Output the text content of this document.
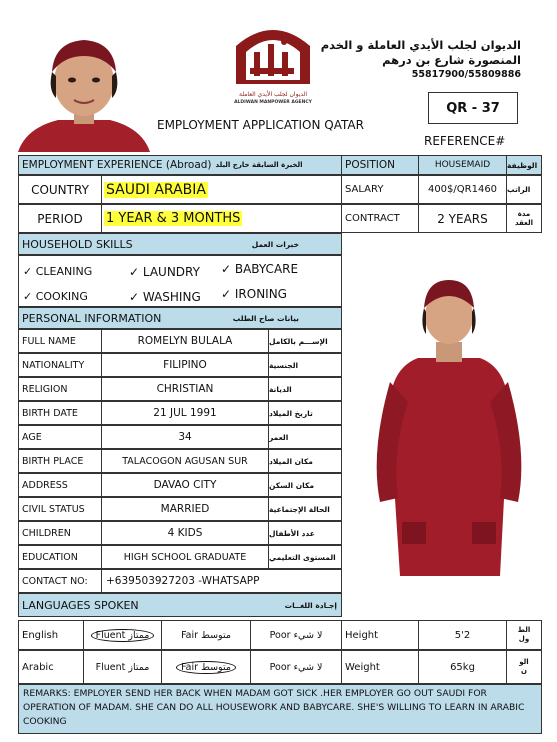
الديوان لجلب الأيدي العاملة
ALDIWAN MANPOWER AGENCY
الديوان لجلب الأيدي العاملة و الخدم
المنصورة شارع بن درهم
55817900/55809886
EMPLOYMENT APPLICATION QATAR
QR - 37
REFERENCE#
EMPLOYMENT EXPERIENCE (Abroad) الخبرة السابقة خارج البلد
COUNTRY SAUDI ARABIA
PERIOD 1 YEAR & 3 MONTHS
POSITION	HOUSEMAID	الوظيفة
SALARY	400$/QR1460	الراتب
CONTRACT	2 YEARS	مدة
العقد
HOUSEHOLD SKILLS	خبرات العمل
✓ CLEANING	✓ LAUNDRY ✓ BABYCARE
✓ COOKING	✓ WASHING ✓ IRONING
PERSONAL INFORMATION	بيانات صاح الطلب
FULL NAME	ROMELYN BULALA	الإســـم بالكامل
NATIONALITY	FILIPINO	الجنسية
RELIGION	CHRISTIAN	الديانة
BIRTH DATE	21 JUL 1991	تاريخ الميلاد
AGE	34	العمر
BIRTH PLACE	TALACOGON AGUSAN SUR	مكان الميلاد
ADDRESS	DAVAO CITY	مكان السكن
CIVIL STATUS	MARRIED	الحالة الإجتماعية
CHILDREN	4 KIDS	عدد الأطفال
EDUCATION	HIGH SCHOOL GRADUATE	المستوى التعليمي
CONTACT NO:	+639503927203 -WHATSAPP
LANGUAGES SPOKEN	إجـادة اللغــات
English	Fluent ممتاز	Fair متوسط	Poor لا شيء	Height	5'2	الط
ول
Arabic	Fluent ممتاز	Fair متوسط	Poor لا شيء	Weight	65kg	الو
ن
REMARKS: EMPLOYER SEND HER BACK WHEN MADAM GOT SICK .HER EMPLOYER GO OUT SAUDI FOR OPERATION OF MADAM. SHE CAN DO ALL HOUSEWORK AND BABYCARE. SHE'S WILLING TO LEARN IN ARABIC COOKING
